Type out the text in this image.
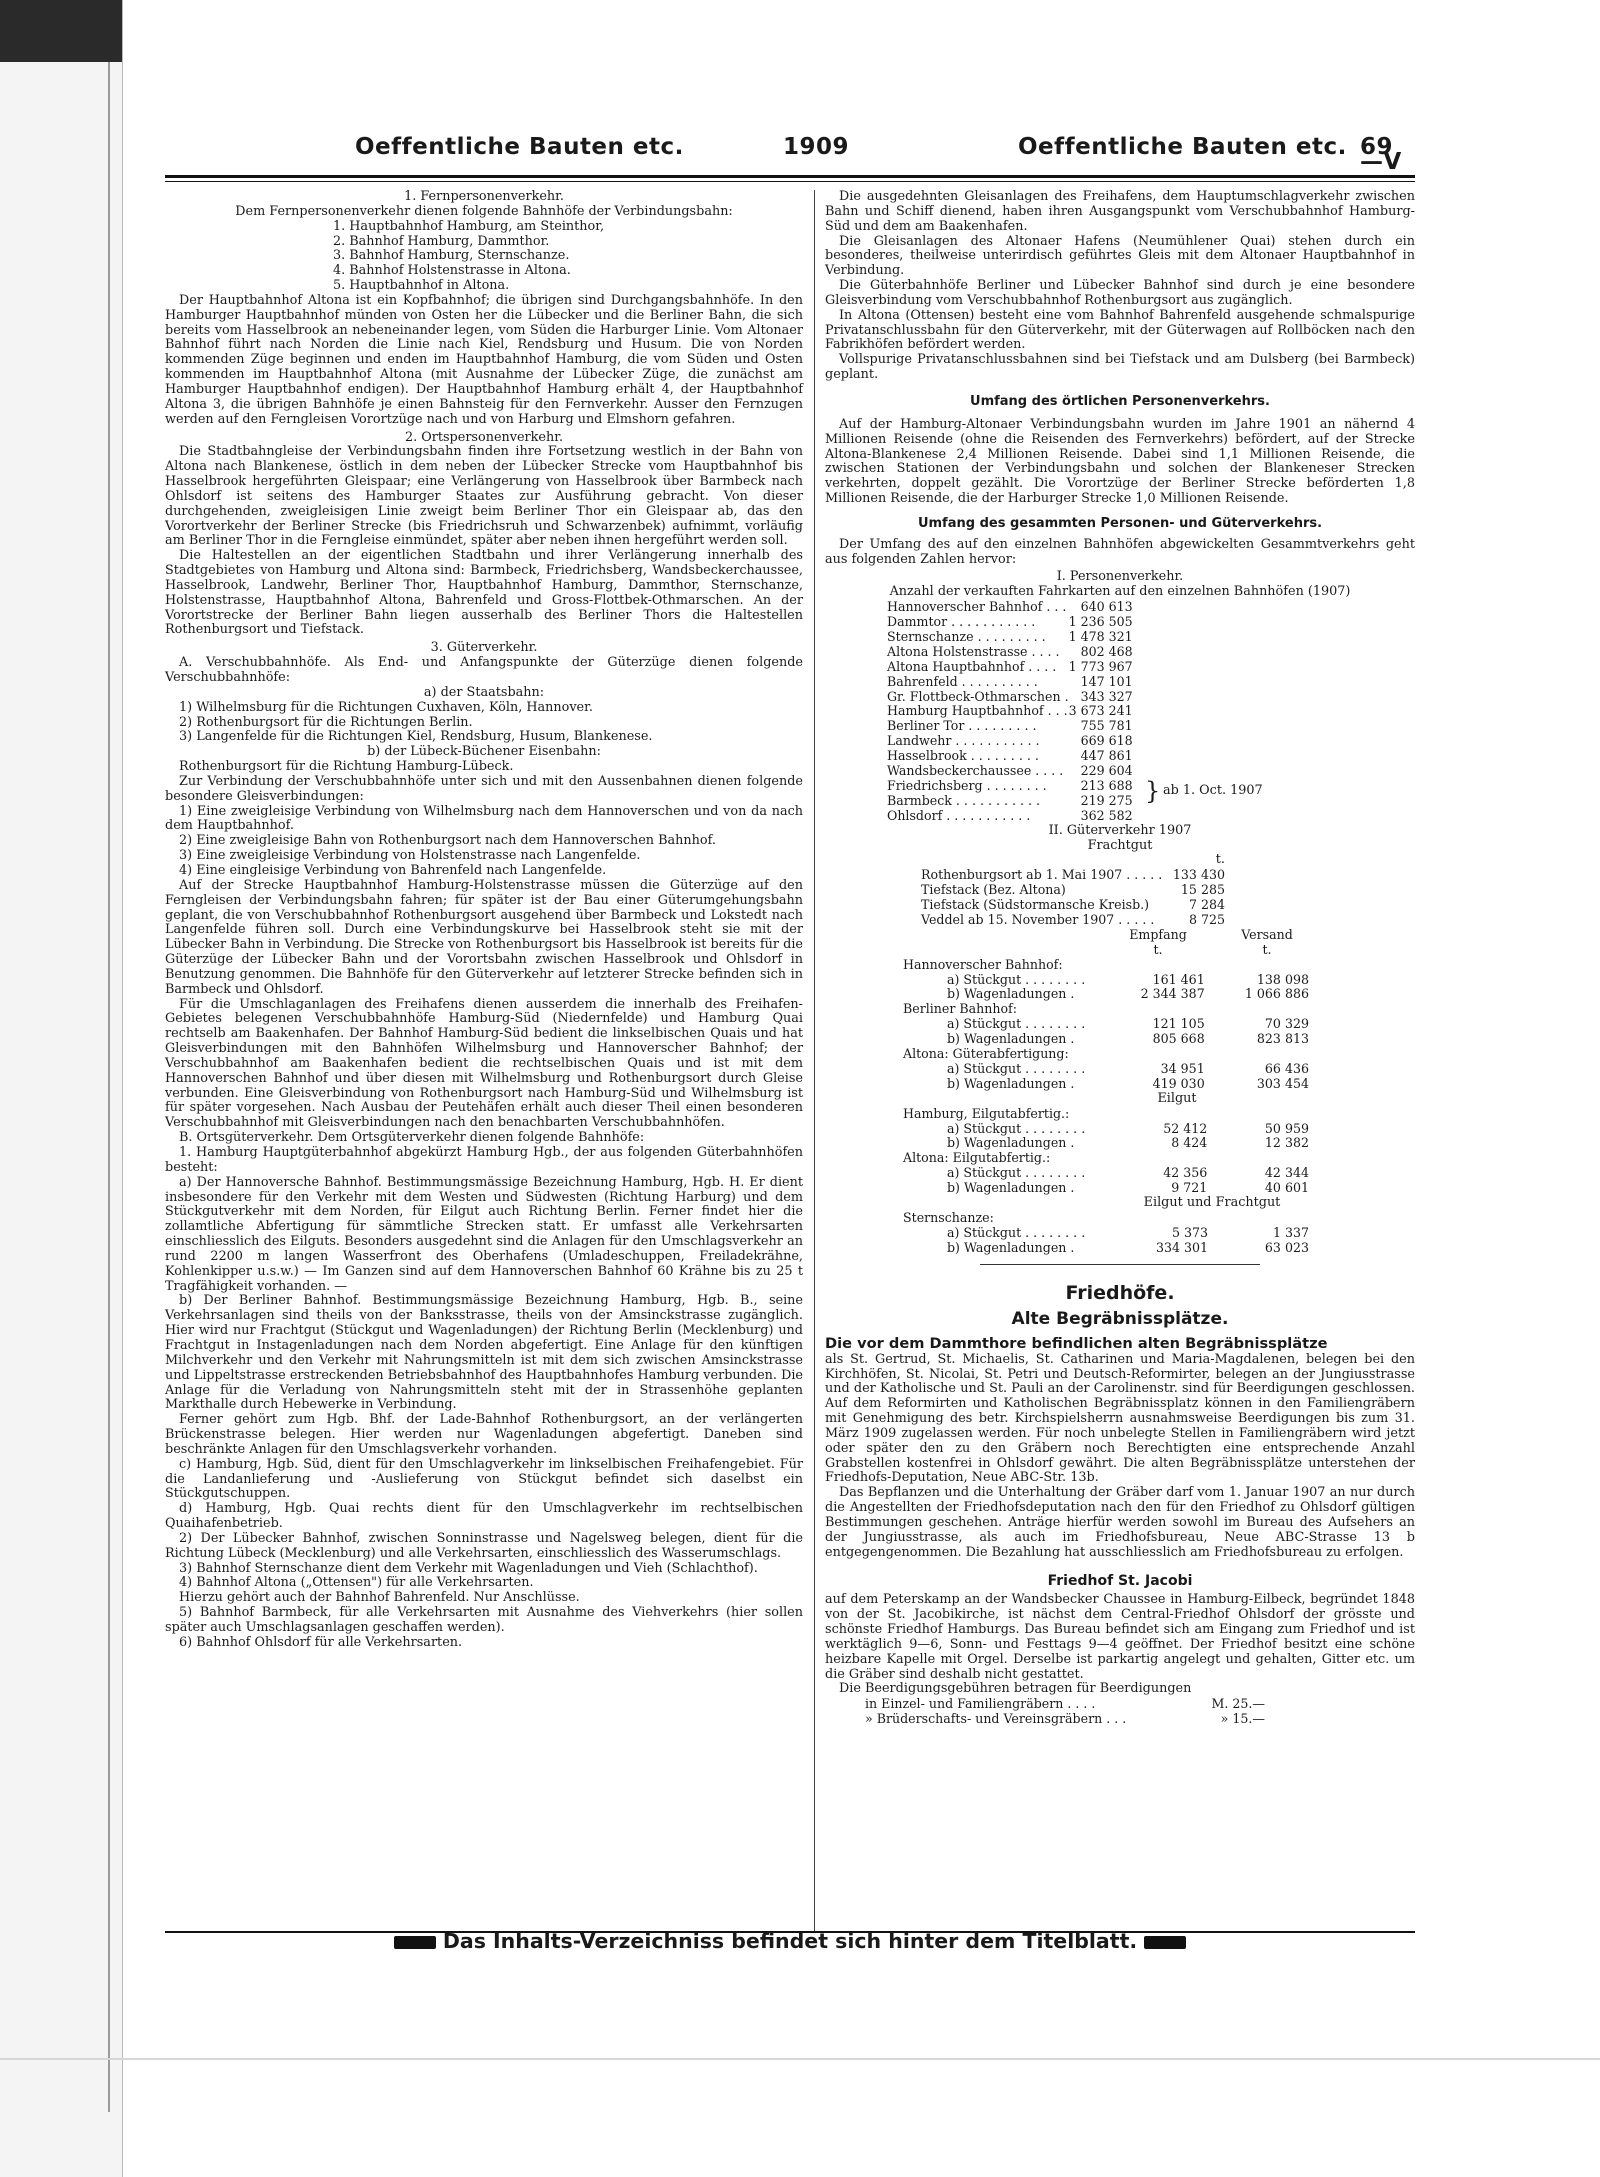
Oeffentliche Bauten etc.	1909	Oeffentliche Bauten etc. 69—V

1. Fernpersonenverkehr.

Dem Fernpersonenverkehr dienen folgende Bahnhöfe der Verbindungsbahn:

1. Hauptbahnhof Hamburg, am Steinthor,

2. Bahnhof Hamburg, Dammthor.

3. Bahnhof Hamburg, Sternschanze.

4. Bahnhof Holstenstrasse in Altona.

5. Hauptbahnhof in Altona.

Der Hauptbahnhof Altona ist ein Kopfbahnhof; die übrigen sind Durchgangsbahnhöfe. In den Hamburger Hauptbahnhof münden von Osten her die Lübecker und die Berliner Bahn, die sich bereits vom Hasselbrook an nebeneinander legen, vom Süden die Harburger Linie. Vom Altonaer Bahnhof führt nach Norden die Linie nach Kiel, Rendsburg und Husum. Die von Norden kommenden Züge beginnen und enden im Hauptbahnhof Hamburg, die vom Süden und Osten kommenden im Hauptbahnhof Altona (mit Ausnahme der Lübecker Züge, die zunächst am Hamburger Hauptbahnhof endigen). Der Hauptbahnhof Hamburg erhält 4, der Hauptbahnhof Altona 3, die übrigen Bahnhöfe je einen Bahnsteig für den Fernverkehr. Ausser den Fernzugen werden auf den Ferngleisen Vorortzüge nach und von Harburg und Elmshorn gefahren.

2. Ortspersonenverkehr.

Die Stadtbahngleise der Verbindungsbahn finden ihre Fortsetzung westlich in der Bahn von Altona nach Blankenese, östlich in dem neben der Lübecker Strecke vom Hauptbahnhof bis Hasselbrook hergeführten Gleispaar; eine Verlängerung von Hasselbrook über Barmbeck nach Ohlsdorf ist seitens des Hamburger Staates zur Ausführung gebracht. Von dieser durchgehenden, zweigleisigen Linie zweigt beim Berliner Thor ein Gleispaar ab, das den Vorortverkehr der Berliner Strecke (bis Friedrichsruh und Schwarzenbek) aufnimmt, vorläufig am Berliner Thor in die Ferngleise einmündet, später aber neben ihnen hergeführt werden soll.

Die Haltestellen an der eigentlichen Stadtbahn und ihrer Verlängerung innerhalb des Stadtgebietes von Hamburg und Altona sind: Barmbeck, Friedrichsberg, Wandsbeckerchaussee, Hasselbrook, Landwehr, Berliner Thor, Hauptbahnhof Hamburg, Dammthor, Sternschanze, Holstenstrasse, Hauptbahnhof Altona, Bahrenfeld und Gross-Flottbek-Othmarschen. An der Vorortstrecke der Berliner Bahn liegen ausserhalb des Berliner Thors die Haltestellen Rothenburgsort und Tiefstack.

3. Güterverkehr.

A. Verschubbahnhöfe. Als End- und Anfangspunkte der Güterzüge dienen folgende Verschubbahnhöfe:

a) der Staatsbahn:

1) Wilhelmsburg für die Richtungen Cuxhaven, Köln, Hannover.

2) Rothenburgsort für die Richtungen Berlin.

3) Langenfelde für die Richtungen Kiel, Rendsburg, Husum, Blankenese.

b) der Lübeck-Büchener Eisenbahn:

Rothenburgsort für die Richtung Hamburg-Lübeck.

Zur Verbindung der Verschubbahnhöfe unter sich und mit den Aussenbahnen dienen folgende besondere Gleisverbindungen:

1) Eine zweigleisige Verbindung von Wilhelmsburg nach dem Hannoverschen und von da nach dem Hauptbahnhof.

2) Eine zweigleisige Bahn von Rothenburgsort nach dem Hannoverschen Bahnhof.

3) Eine zweigleisige Verbindung von Holstenstrasse nach Langenfelde.

4) Eine eingleisige Verbindung von Bahrenfeld nach Langenfelde.

Auf der Strecke Hauptbahnhof Hamburg-Holstenstrasse müssen die Güterzüge auf den Ferngleisen der Verbindungsbahn fahren; für später ist der Bau einer Güterumgehungsbahn geplant, die von Verschubbahnhof Rothenburgsort ausgehend über Barmbeck und Lokstedt nach Langenfelde führen soll. Durch eine Verbindungskurve bei Hasselbrook steht sie mit der Lübecker Bahn in Verbindung. Die Strecke von Rothenburgsort bis Hasselbrook ist bereits für die Güterzüge der Lübecker Bahn und der Vorortsbahn zwischen Hasselbrook und Ohlsdorf in Benutzung genommen. Die Bahnhöfe für den Güterverkehr auf letzterer Strecke befinden sich in Barmbeck und Ohlsdorf.

Für die Umschlaganlagen des Freihafens dienen ausserdem die innerhalb des Freihafen-Gebietes belegenen Verschubbahnhöfe Hamburg-Süd (Niedernfelde) und Hamburg Quai rechtselb am Baakenhafen. Der Bahnhof Hamburg-Süd bedient die linkselbischen Quais und hat Gleisverbindungen mit den Bahnhöfen Wilhelmsburg und Hannoverscher Bahnhof; der Verschubbahnhof am Baakenhafen bedient die rechtselbischen Quais und ist mit dem Hannoverschen Bahnhof und über diesen mit Wilhelmsburg und Rothenburgsort durch Gleise verbunden. Eine Gleisverbindung von Rothenburgsort nach Hamburg-Süd und Wilhelmsburg ist für später vorgesehen. Nach Ausbau der Peutehäfen erhält auch dieser Theil einen besonderen Verschubbahnhof mit Gleisverbindungen nach den benachbarten Verschubbahnhöfen.

B. Ortsgüterverkehr. Dem Ortsgüterverkehr dienen folgende Bahnhöfe:

1. Hamburg Hauptgüterbahnhof abgekürzt Hamburg Hgb., der aus folgenden Güterbahnhöfen besteht:

a) Der Hannoversche Bahnhof. Bestimmungsmässige Bezeichnung Hamburg, Hgb. H. Er dient insbesondere für den Verkehr mit dem Westen und Südwesten (Richtung Harburg) und dem Stückgutverkehr mit dem Norden, für Eilgut auch Richtung Berlin. Ferner findet hier die zollamtliche Abfertigung für sämmtliche Strecken statt. Er umfasst alle Verkehrsarten einschliesslich des Eilguts. Besonders ausgedehnt sind die Anlagen für den Umschlagsverkehr an rund 2200 m langen Wasserfront des Oberhafens (Umladeschuppen, Freiladekrähne, Kohlenkipper u.s.w.) — Im Ganzen sind auf dem Hannoverschen Bahnhof 60 Krähne bis zu 25 t Tragfähigkeit vorhanden. —

b) Der Berliner Bahnhof. Bestimmungsmässige Bezeichnung Hamburg, Hgb. B., seine Verkehrsanlagen sind theils von der Banksstrasse, theils von der Amsinckstrasse zugänglich. Hier wird nur Frachtgut (Stückgut und Wagenladungen) der Richtung Berlin (Mecklenburg) und Frachtgut in Instagenladungen nach dem Norden abgefertigt. Eine Anlage für den künftigen Milchverkehr und den Verkehr mit Nahrungsmitteln ist mit dem sich zwischen Amsinckstrasse und Lippeltstrasse erstreckenden Betriebsbahnhof des Hauptbahnhofes Hamburg verbunden. Die Anlage für die Verladung von Nahrungsmitteln steht mit der in Strassenhöhe geplanten Markthalle durch Hebewerke in Verbindung.

Ferner gehört zum Hgb. Bhf. der Lade-Bahnhof Rothenburgsort, an der verlängerten Brückenstrasse belegen. Hier werden nur Wagenladungen abgefertigt. Daneben sind beschränkte Anlagen für den Umschlagsverkehr vorhanden.

c) Hamburg, Hgb. Süd, dient für den Umschlagverkehr im linkselbischen Freihafengebiet. Für die Landanlieferung und -Auslieferung von Stückgut befindet sich daselbst ein Stückgutschuppen.

d) Hamburg, Hgb. Quai rechts dient für den Umschlagverkehr im rechtselbischen Quaihafenbetrieb.

2) Der Lübecker Bahnhof, zwischen Sonninstrasse und Nagelsweg belegen, dient für die Richtung Lübeck (Mecklenburg) und alle Verkehrsarten, einschliesslich des Wasserumschlags.

3) Bahnhof Sternschanze dient dem Verkehr mit Wagenladungen und Vieh (Schlachthof).

4) Bahnhof Altona („Ottensen") für alle Verkehrsarten.

Hierzu gehört auch der Bahnhof Bahrenfeld. Nur Anschlüsse.

5) Bahnhof Barmbeck, für alle Verkehrsarten mit Ausnahme des Viehverkehrs (hier sollen später auch Umschlagsanlagen geschaffen werden).

6) Bahnhof Ohlsdorf für alle Verkehrsarten.

Die ausgedehnten Gleisanlagen des Freihafens, dem Hauptumschlagverkehr zwischen Bahn und Schiff dienend, haben ihren Ausgangspunkt vom Verschubbahnhof Hamburg-Süd und dem am Baakenhafen.

Die Gleisanlagen des Altonaer Hafens (Neumühlener Quai) stehen durch ein besonderes, theilweise unterirdisch geführtes Gleis mit dem Altonaer Hauptbahnhof in Verbindung.

Die Güterbahnhöfe Berliner und Lübecker Bahnhof sind durch je eine besondere Gleisverbindung vom Verschubbahnhof Rothenburgsort aus zugänglich.

In Altona (Ottensen) besteht eine vom Bahnhof Bahrenfeld ausgehende schmalspurige Privatanschlussbahn für den Güterverkehr, mit der Güterwagen auf Rollböcken nach den Fabrikhöfen befördert werden.

Vollspurige Privatanschlussbahnen sind bei Tiefstack und am Dulsberg (bei Barmbeck) geplant.

Umfang des örtlichen Personenverkehrs.

Auf der Hamburg-Altonaer Verbindungsbahn wurden im Jahre 1901 an nähernd 4 Millionen Reisende (ohne die Reisenden des Fernverkehrs) befördert, auf der Strecke Altona-Blankenese 2,4 Millionen Reisende. Dabei sind 1,1 Millionen Reisende, die zwischen Stationen der Verbindungsbahn und solchen der Blankeneser Strecken verkehrten, doppelt gezählt. Die Vorortzüge der Berliner Strecke beförderten 1,8 Millionen Reisende, die der Harburger Strecke 1,0 Millionen Reisende.

Umfang des gesammten Personen- und Güterverkehrs.

Der Umfang des auf den einzelnen Bahnhöfen abgewickelten Gesammtverkehrs geht aus folgenden Zahlen hervor:

I. Personenverkehr.

Anzahl der verkauften Fahrkarten auf den einzelnen Bahnhöfen (1907)

Hannoverscher Bahnhof . . .	640 613
Dammtor . . . . . . . . . . .	1 236 505
Sternschanze . . . . . . . . .	1 478 321
Altona Holstenstrasse . . . .	802 468
Altona Hauptbahnhof . . . .	1 773 967
Bahrenfeld . . . . . . . . . .	147 101
Gr. Flottbeck-Othmarschen .	343 327
Hamburg Hauptbahnhof . . .	3 673 241
Berliner Tor . . . . . . . . .	755 781
Landwehr . . . . . . . . . . .	669 618
Hasselbrook . . . . . . . . .	447 861
Wandsbeckerchaussee . . . .	229 604
Friedrichsberg . . . . . . . .	213 688
Barmbeck . . . . . . . . . . .	219 275
Ohlsdorf . . . . . . . . . . .	362 582
} ab 1. Oct. 1907

II. Güterverkehr 1907

Frachtgut

t.
Rothenburgsort ab 1. Mai 1907 . . . . .	133 430
Tiefstack (Bez. Altona)	15 285
Tiefstack (Südstormansche Kreisb.)	7 284
Veddel ab 15. November 1907 . . . . .	8 725
	Empfang	Versand
	t.	t.
Hannoverscher Bahnhof:		
a) Stückgut . . . . . . . .	161 461	138 098
b) Wagenladungen .	2 344 387	1 066 886
Berliner Bahnhof:		
a) Stückgut . . . . . . . .	121 105	70 329
b) Wagenladungen .	805 668	823 813
Altona: Güterabfertigung:		
a) Stückgut . . . . . . . .	34 951	66 436
b) Wagenladungen .	419 030	303 454

Eilgut

Hamburg, Eilgutabfertig.:		
a) Stückgut . . . . . . . .	52 412	50 959
b) Wagenladungen .	8 424	12 382
Altona: Eilgutabfertig.:		
a) Stückgut . . . . . . . .	42 356	42 344
b) Wagenladungen .	9 721	40 601

Eilgut und Frachtgut

Sternschanze:		
a) Stückgut . . . . . . . .	5 373	1 337
b) Wagenladungen .	334 301	63 023

Friedhöfe.

Alte Begräbnissplätze.

Die vor dem Dammthore befindlichen alten Begräbnissplätze

als St. Gertrud, St. Michaelis, St. Catharinen und Maria-Magdalenen, belegen bei den Kirchhöfen, St. Nicolai, St. Petri und Deutsch-Reformirter, belegen an der Jungiusstrasse und der Katholische und St. Pauli an der Carolinenstr. sind für Beerdigungen geschlossen. Auf dem Reformirten und Katholischen Begräbnissplatz können in den Familiengräbern mit Genehmigung des betr. Kirchspielsherrn ausnahmsweise Beerdigungen bis zum 31. März 1909 zugelassen werden. Für noch unbelegte Stellen in Familiengräbern wird jetzt oder später den zu den Gräbern noch Berechtigten eine entsprechende Anzahl Grabstellen kostenfrei in Ohlsdorf gewährt. Die alten Begräbnissplätze unterstehen der Friedhofs-Deputation, Neue ABC-Str. 13b.

Das Bepflanzen und die Unterhaltung der Gräber darf vom 1. Januar 1907 an nur durch die Angestellten der Friedhofsdeputation nach den für den Friedhof zu Ohlsdorf gültigen Bestimmungen geschehen. Anträge hierfür werden sowohl im Bureau des Aufsehers an der Jungiusstrasse, als auch im Friedhofsbureau, Neue ABC-Strasse 13 b entgegengenommen. Die Bezahlung hat ausschliesslich am Friedhofsbureau zu erfolgen.

Friedhof St. Jacobi

auf dem Peterskamp an der Wandsbecker Chaussee in Hamburg-Eilbeck, begründet 1848 von der St. Jacobikirche, ist nächst dem Central-Friedhof Ohlsdorf der grösste und schönste Friedhof Hamburgs. Das Bureau befindet sich am Eingang zum Friedhof und ist werktäglich 9—6, Sonn- und Festtags 9—4 geöffnet. Der Friedhof besitzt eine schöne heizbare Kapelle mit Orgel. Derselbe ist parkartig angelegt und gehalten, Gitter etc. um die Gräber sind deshalb nicht gestattet.

Die Beerdigungsgebühren betragen für Beerdigungen

in Einzel- und Familiengräbern . . . .	M. 25.—
» Brüderschafts- und Vereinsgräbern . . .	» 15.—
Das Inhalts-Verzeichniss befindet sich hinter dem Titelblatt.
